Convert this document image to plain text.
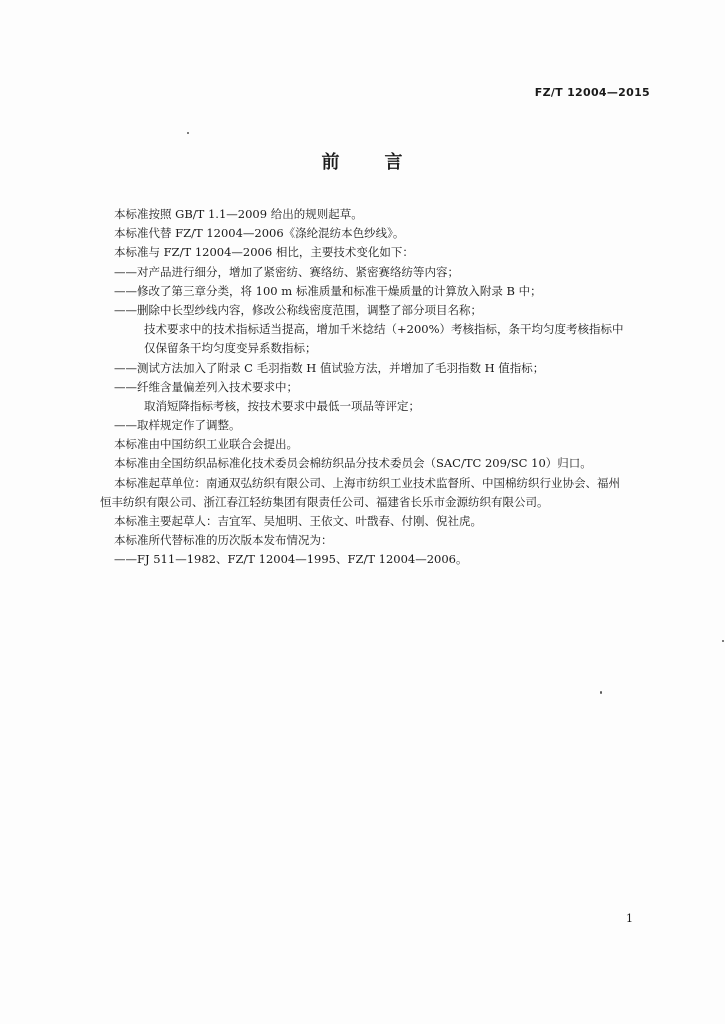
FZ/T 12004—2015
前 言
本标准按照 GB/T 1.1—2009 给出的规则起草。
本标准代替 FZ/T 12004—2006《涤纶混纺本色纱线》。
本标准与 FZ/T 12004—2006 相比，主要技术变化如下：
——对产品进行细分，增加了紧密纺、赛络纺、紧密赛络纺等内容；
——修改了第三章分类，将 100 m 标准质量和标准干燥质量的计算放入附录 B 中；
——删除中长型纱线内容，修改公称线密度范围，调整了部分项目名称；
技术要求中的技术指标适当提高，增加千米捻结（+200%）考核指标，条干均匀度考核指标中
仅保留条干均匀度变异系数指标；
——测试方法加入了附录 C 毛羽指数 H 值试验方法，并增加了毛羽指数 H 值指标；
——纤维含量偏差列入技术要求中；
取消短降指标考核，按技术要求中最低一项品等评定；
——取样规定作了调整。
本标准由中国纺织工业联合会提出。
本标准由全国纺织品标准化技术委员会棉纺织品分技术委员会（SAC/TC 209/SC 10）归口。
本标准起草单位：南通双弘纺织有限公司、上海市纺织工业技术监督所、中国棉纺织行业协会、福州
恒丰纺织有限公司、浙江春江轻纺集团有限责任公司、福建省长乐市金源纺织有限公司。
本标准主要起草人：吉宜军、吴旭明、王依文、叶戬春、付刚、倪社虎。
本标准所代替标准的历次版本发布情况为：
——FJ 511—1982、FZ/T 12004—1995、FZ/T 12004—2006。
1
